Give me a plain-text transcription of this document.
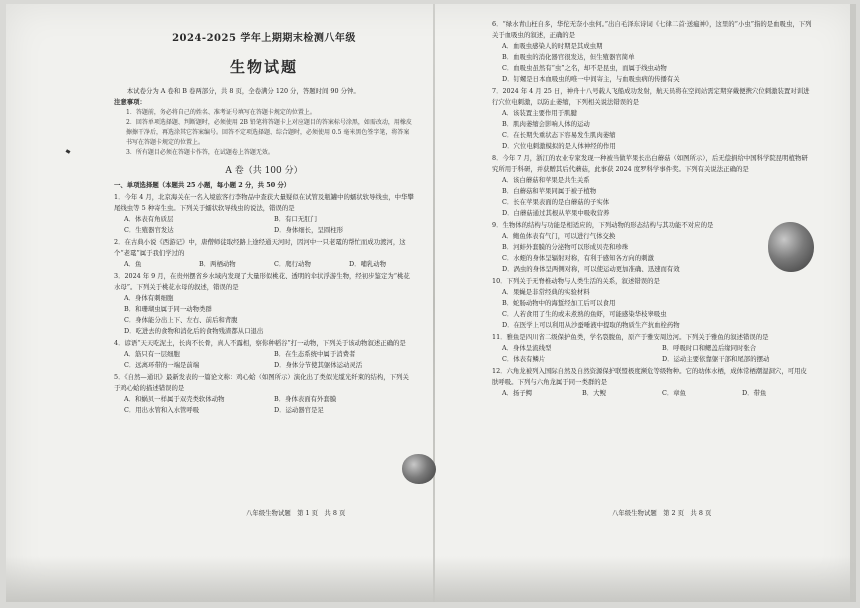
2024-2025 学年上期期末检测八年级
生物试题
本试卷分为 A 卷和 B 卷两部分，共 8 页，全卷满分 120 分，答题时间 90 分钟。
注意事项：
1．答题前，务必将自己的姓名、准考证号填写在答题卡规定的位置上。
2．回答单项选择题、判断题时，必须使用 2B 铅笔将答题卡上对应题目的答案标号涂黑，如需改动，用橡皮擦擦干净后，再选涂其它答案编号。回答不定项选择题、综合题时，必须使用 0.5 毫米黑色签字笔，将答案书写在答题卡规定的位置上。
3．所有题目必须在答题卡作答，在试题卷上答题无效。
A 卷（共 100 分）
一、单项选择题（本题共 25 小题，每小题 2 分，共 50 分）
1．今年 4 月，北京海关在一名入境旅客行李物品中查获大量疑似在试管及瓶罐中的蠕状软导线虫，中华攀尾线虫等 5 种寄生虫。下列关于蠕状软导线虫的说法，错误的是
A．体表有角质层	B．有口无肛门
C．生殖器官发达	D．身体细长，呈圆柱形
2．在古典小说《西游记》中，唐僧师徒取经路上途经通天河时，因河中一只老鼋的帮忙而成功渡河，这个“老鼋”属于我们学过的
A．鱼	B．两栖动物	C．爬行动物	D．哺乳动物
3．2024 年 9 月，在贵州摆省乡水域内发现了大量形似桃花、透明的伞状浮游生物，经初步鉴定为“桃花水母”。下列关于桃花水母的叙述，错误的是
A．身体有刺细胞
B．和珊瑚虫属于同一动物类群
C．身体能分出上下、左右、前后和背腹
D．吃进去的食物和消化后的食物残渣都从口退出
4．谚语“天天吃泥土，长肉不长骨，真人不露相，察你种稻谷”打一动物，下列关于该动物叙述正确的是
A．筋只有一层细胞	B．在生态系统中属于消费者
C．远离环带的一端是前端	D．身体分节使其躯体运动灵活
5．《自然—通讯》最新发表的一篇论文称：鸡心蛤（如图所示）演化出了类似光缆光纤束的结构，下列关于鸡心蛤的描述错误的是
A．和蜗贝一样属于双壳类软体动物	B．身体表面有外套膜
C．用出水管和入水管呼吸	D．运动器官是足
八年级生物试题　第 1 页　共 8 页
6．“绿水青山枉自多，华佗无奈小虫何。”出自毛泽东诗词《七律二首·送瘟神》，这里的“小虫”指的是血吸虫，下列关于血吸虫的叙述，正确的是
A．血吸虫感染人的时期是其成虫期
B．血吸虫的消化器官很发达，但生殖器官简单
C．血吸虫虽然有“虫”之名，却不是昆虫，而属于线虫动物
D．钉螺是日本血吸虫的唯一中间寄主，与血吸虫病的传播有关
7．2024 年 4 月 25 日，神舟十八号载人飞船成功发射，航天员将在空间站需定期穿戴便携穴位刺激装置对训进行穴位电刺激，以防止萎缩，下列相关说法错误的是
A．该装置主要作用于肌腱
B．肌肉萎缩会影响人体的运动
C．在长期失重状态下容易发生肌肉萎缩
D．穴位电刺激模拟的是人体神经的作用
8．今年 7 月，浙江的农业专家发现一种被当做苹果长出白蘑菇（如图所示），后无偿捐给中国科学院昆明植物研究所用于科研，并获赠其后代蘑菇，此事获 2024 度罗科学事件奖。下列有关说法正确的是
A．该白蘑菇和苹果是共生关系
B．白蘑菇和苹果同属于被子植物
C．长在苹果表面的是白蘑菇的子实体
D．白蘑菇通过其根从苹果中吸收营养
9．生物体的结构与功能是相适应的，下列动物的形态结构与其功能不对应的是
A．鲍鱼体表有气门，可以进行气体交换
B．河蚌外套膜的分泌物可以形成贝壳和珍珠
C．水蛭的身体呈辐射对称，有利于感知各方向的刺激
D．涡虫的身体呈两侧对称，可以使运动更加准确、迅速而有效
10．下列关于无脊椎动物与人类生活的关系，叙述错误的是
A．果蝇是非常经典的实验材料
B．蛇肠动物中的海蜇经加工后可以食用
C．人若食用了生的或未煮熟的鱼虾，可能感染华枝睾吸虫
D．在医学上可以利用从沙蚕唾液中提取的物质生产抗血栓药物
11．雅鱼是四川省二级保护鱼类，学名裂腹鱼，原产于雅安周边河。下列关于雅鱼的叙述错误的是
A．身体呈流线型	B．呼吸时口和鳃盖后缘同时张合
C．体表有鳞片	D．运动主要依靠躯干部和尾部的摆动
12．六角龙被列入国际自然及自然资源保护联盟极度濒危等级物种。它的幼体水栖，成体常栖潮湿洞穴，可用皮肤呼吸。下列与六角龙属于同一类群的是
A．扬子鳄	B．大鲵	C．章鱼	D．带鱼
八年级生物试题　第 2 页　共 8 页
